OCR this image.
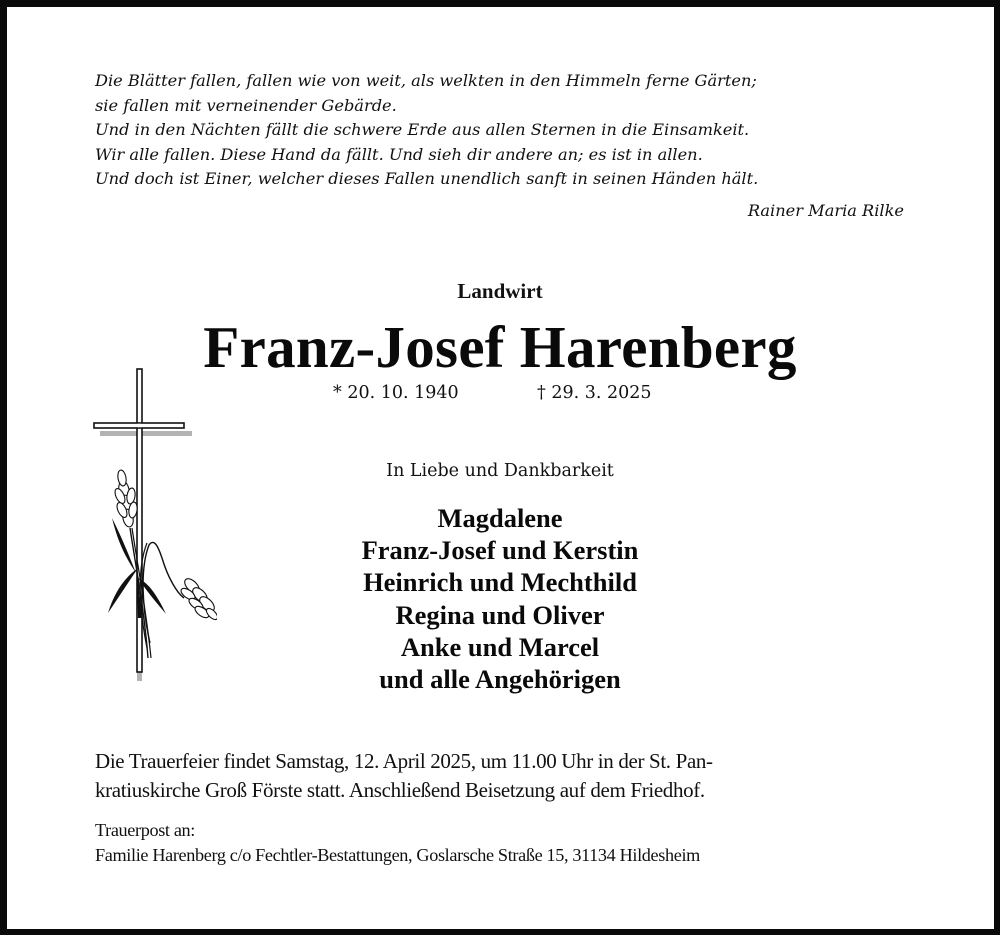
Die Blätter fallen, fallen wie von weit, als welkten in den Himmeln ferne Gärten;
sie fallen mit verneinender Gebärde.
Und in den Nächten fällt die schwere Erde aus allen Sternen in die Einsamkeit.
Wir alle fallen. Diese Hand da fällt. Und sieh dir andere an; es ist in allen.
Und doch ist Einer, welcher dieses Fallen unendlich sanft in seinen Händen hält.
Rainer Maria Rilke
Landwirt
Franz-Josef Harenberg
* 20. 10. 1940	† 29. 3. 2025
In Liebe und Dankbarkeit
Magdalene
Franz-Josef und Kerstin
Heinrich und Mechthild
Regina und Oliver
Anke und Marcel
und alle Angehörigen
Die Trauerfeier findet Samstag, 12. April 2025, um 11.00 Uhr in der St. Pan-
kratiuskirche Groß Förste statt. Anschließend Beisetzung auf dem Friedhof.
Trauerpost an:
Familie Harenberg c/o Fechtler-Bestattungen, Goslarsche Straße 15, 31134 Hildesheim
